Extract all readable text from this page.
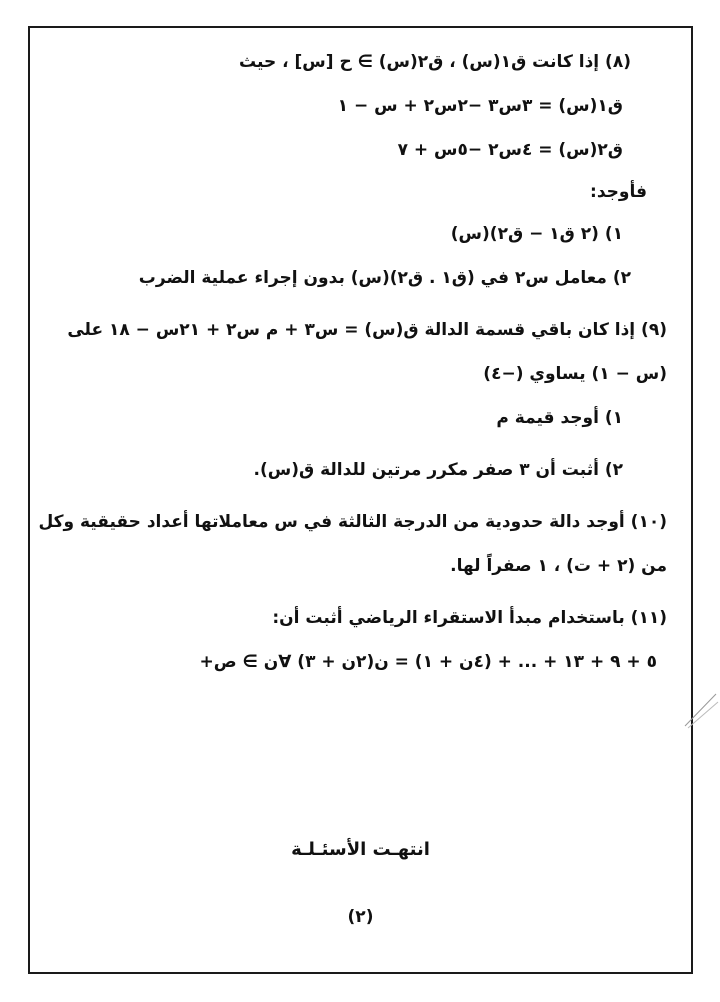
(٨) إذا كانت ق١(س) ، ق٢(س) ∋ ح [س] ، حيث
ق١(س) = ٣س٣ −٢س٢ + س − ١
ق٢(س) = ٤س٢ −٥س + ٧
فأوجد:
١) (٢ ق١ − ق٢)(س)
٢) معامل س٢ في (ق١ . ق٢)(س) بدون إجراء عملية الضرب
(٩) إذا كان باقي قسمة الدالة ق(س) = س٣ + م س٢ + ٢١س − ١٨ على
(س − ١) يساوي (−٤)
١) أوجد قيمة م
٢) أثبت أن ٣ صفر مكرر مرتين للدالة ق(س).
(١٠) أوجد دالة حدودية من الدرجة الثالثة في س معاملاتها أعداد حقيقية وكل
من (٢ + ت) ، ١ صفراً لها.
(١١) باستخدام مبدأ الاستقراء الرياضي أثبت أن:
٥ + ٩ + ١٣ + ... + (٤ن + ١) = ن(٢ن + ٣) ∀ن ∋ ص+
انتهـت الأسئـلـة
(٢)
